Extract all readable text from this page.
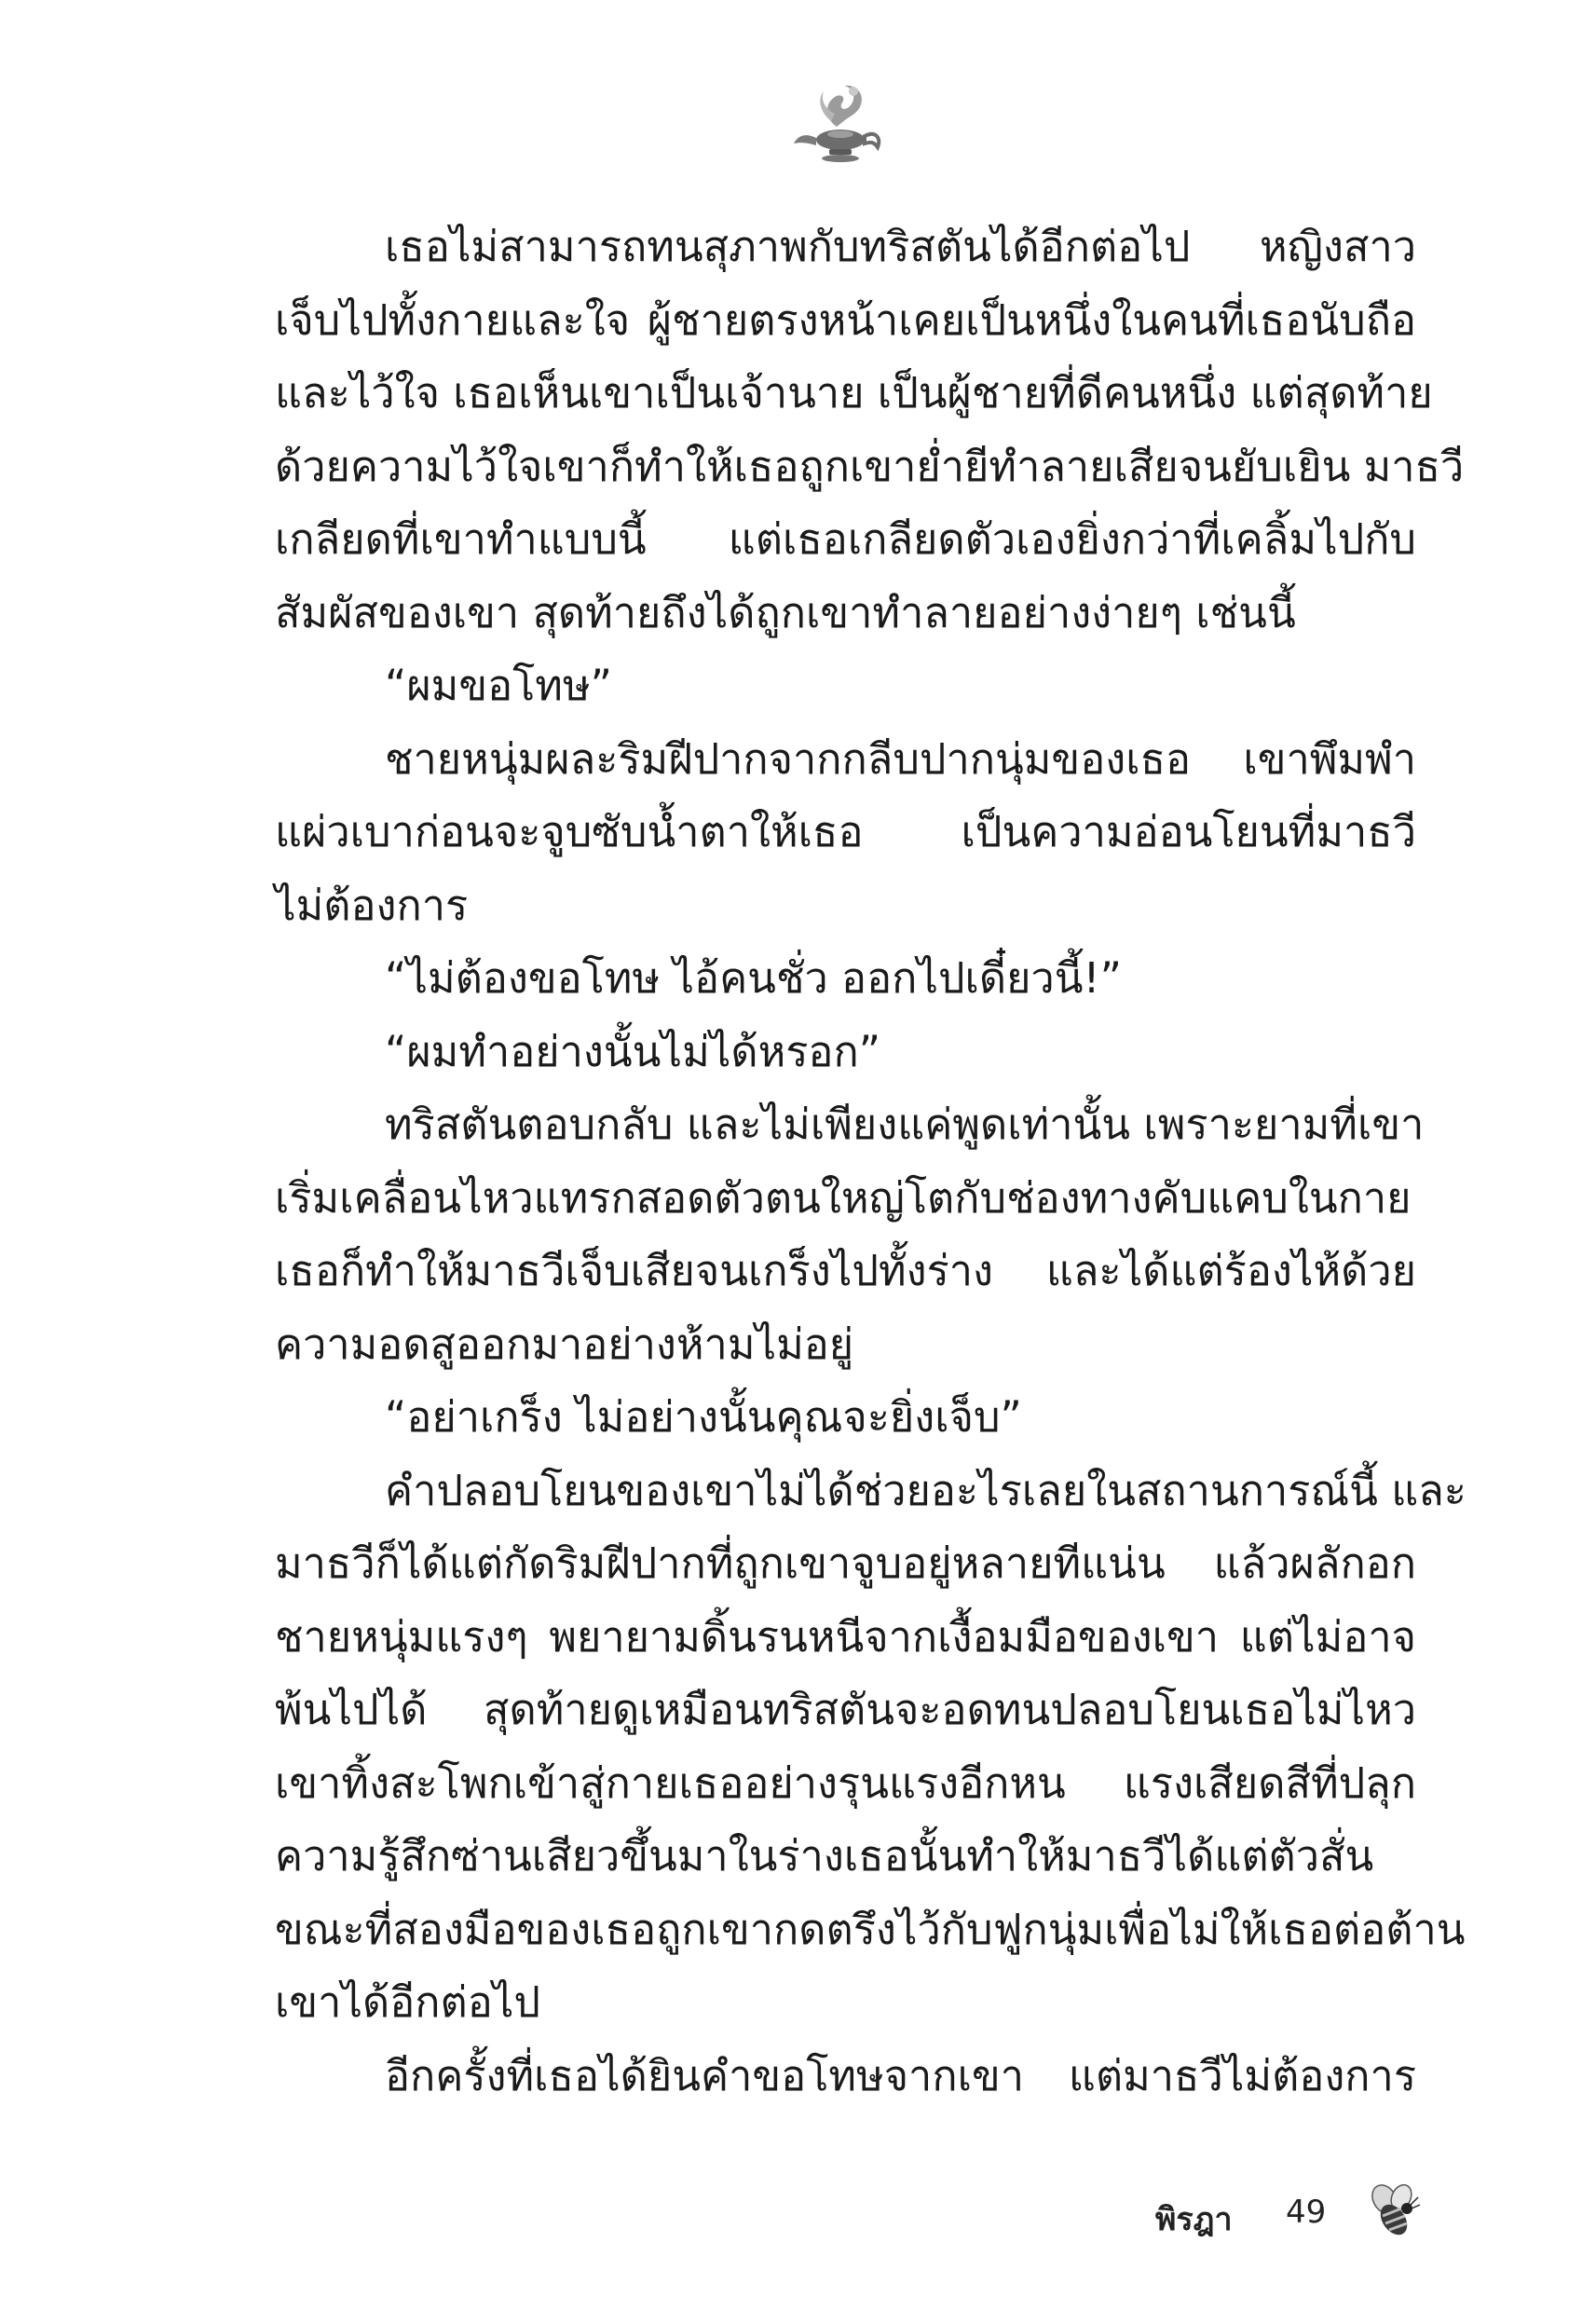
เธอไม่สามารถทนสุภาพกับทริสตันได้อีกต่อไป หญิงสาว

เจ็บไปทั้งกายและใจ ผู้ชายตรงหน้าเคยเป็นหนึ่งในคนที่เธอนับถือ

และไว้ใจ เธอเห็นเขาเป็นเจ้านาย เป็นผู้ชายที่ดีคนหนึ่ง แต่สุดท้าย

ด้วยความไว้ใจเขาก็ทำให้เธอถูกเขาย่ำยีทำลายเสียจนยับเยิน มาธวี

เกลียดที่เขาทำแบบนี้ แต่เธอเกลียดตัวเองยิ่งกว่าที่เคลิ้มไปกับ

สัมผัสของเขา สุดท้ายถึงได้ถูกเขาทำลายอย่างง่ายๆ เช่นนี้

“ผมขอโทษ”

ชายหนุ่มผละริมฝีปากจากกลีบปากนุ่มของเธอ เขาพึมพำ

แผ่วเบาก่อนจะจูบซับน้ำตาให้เธอ เป็นความอ่อนโยนที่มาธวี

ไม่ต้องการ

“ไม่ต้องขอโทษ ไอ้คนชั่ว ออกไปเดี๋ยวนี้!”

“ผมทำอย่างนั้นไม่ได้หรอก”

ทริสตันตอบกลับ และไม่เพียงแค่พูดเท่านั้น เพราะยามที่เขา

เริ่มเคลื่อนไหวแทรกสอดตัวตนใหญ่โตกับช่องทางคับแคบในกาย

เธอก็ทำให้มาธวีเจ็บเสียจนเกร็งไปทั้งร่าง และได้แต่ร้องไห้ด้วย

ความอดสูออกมาอย่างห้ามไม่อยู่

“อย่าเกร็ง ไม่อย่างนั้นคุณจะยิ่งเจ็บ”

คำปลอบโยนของเขาไม่ได้ช่วยอะไรเลยในสถานการณ์นี้ และ

มาธวีก็ได้แต่กัดริมฝีปากที่ถูกเขาจูบอยู่หลายทีแน่น แล้วผลักอก

ชายหนุ่มแรงๆ พยายามดิ้นรนหนีจากเงื้อมมือของเขา แต่ไม่อาจ

พ้นไปได้ สุดท้ายดูเหมือนทริสตันจะอดทนปลอบโยนเธอไม่ไหว

เขาทิ้งสะโพกเข้าสู่กายเธออย่างรุนแรงอีกหน แรงเสียดสีที่ปลุก

ความรู้สึกซ่านเสียวขึ้นมาในร่างเธอนั้นทำให้มาธวีได้แต่ตัวสั่น

ขณะที่สองมือของเธอถูกเขากดตรึงไว้กับฟูกนุ่มเพื่อไม่ให้เธอต่อต้าน

เขาได้อีกต่อไป

อีกครั้งที่เธอได้ยินคำขอโทษจากเขา แต่มาธวีไม่ต้องการ

พิรฎา 49
